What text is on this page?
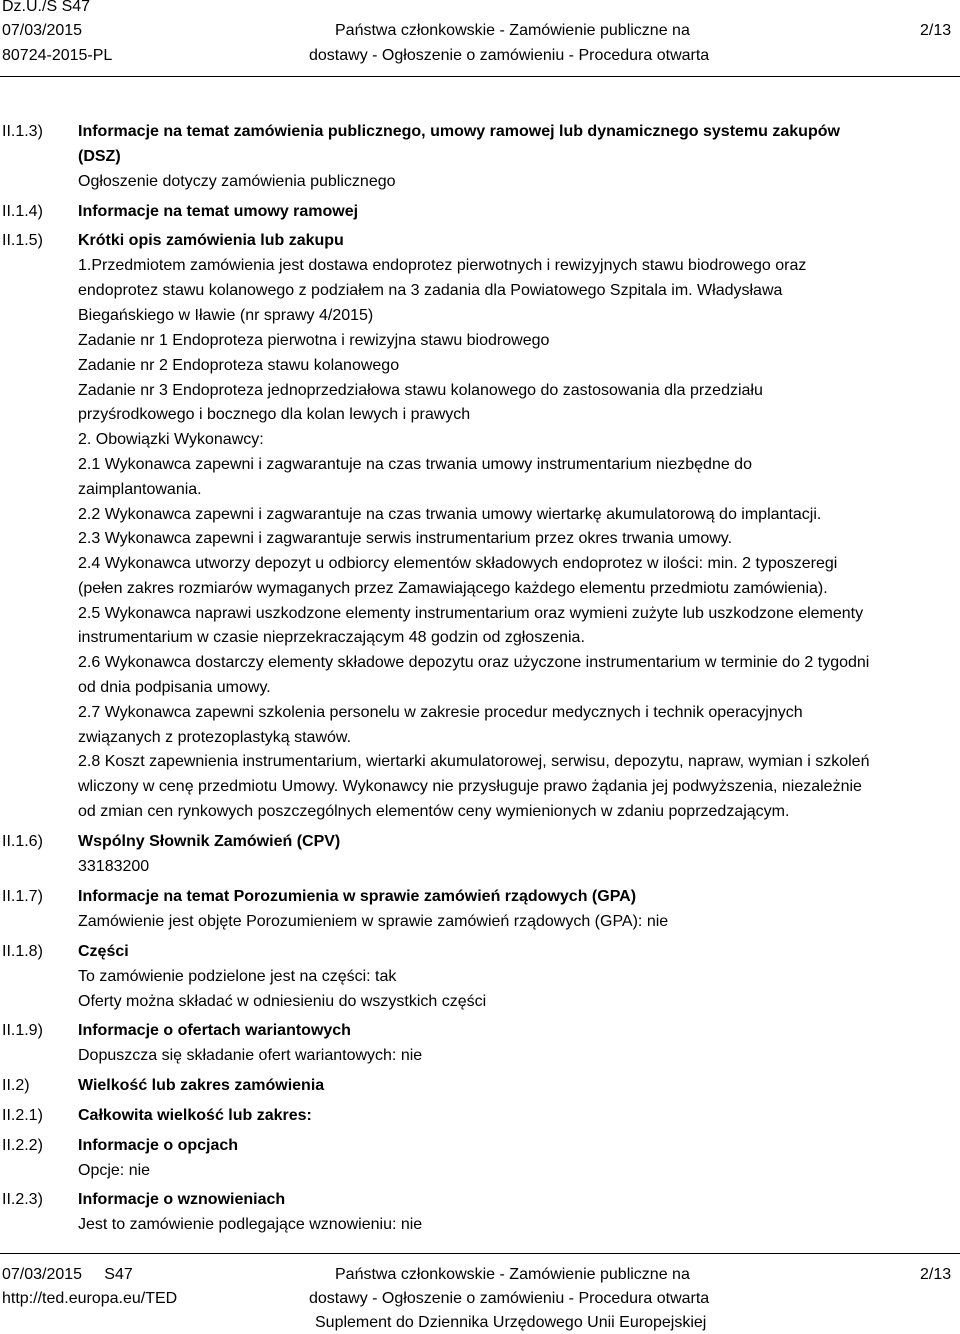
Dz.U./S S47
07/03/2015
80724-2015-PL
Państwa członkowskie - Zamówienie publiczne na
dostawy - Ogłoszenie o zamówieniu - Procedura otwarta
2/13
II.1.3) Informacje na temat zamówienia publicznego, umowy ramowej lub dynamicznego systemu zakupów
(DSZ)
Ogłoszenie dotyczy zamówienia publicznego
II.1.4) Informacje na temat umowy ramowej
II.1.5) Krótki opis zamówienia lub zakupu
1.Przedmiotem zamówienia jest dostawa endoprotez pierwotnych i rewizyjnych stawu biodrowego oraz
endoprotez stawu kolanowego z podziałem na 3 zadania dla Powiatowego Szpitala im. Władysława
Biegańskiego w Iławie (nr sprawy 4/2015)
Zadanie nr 1 Endoproteza pierwotna i rewizyjna stawu biodrowego
Zadanie nr 2 Endoproteza stawu kolanowego
Zadanie nr 3 Endoproteza jednoprzedziałowa stawu kolanowego do zastosowania dla przedziału
przyśrodkowego i bocznego dla kolan lewych i prawych
2. Obowiązki Wykonawcy:
2.1 Wykonawca zapewni i zagwarantuje na czas trwania umowy instrumentarium niezbędne do
zaimplantowania.
2.2 Wykonawca zapewni i zagwarantuje na czas trwania umowy wiertarkę akumulatorową do implantacji.
2.3 Wykonawca zapewni i zagwarantuje serwis instrumentarium przez okres trwania umowy.
2.4 Wykonawca utworzy depozyt u odbiorcy elementów składowych endoprotez w ilości: min. 2 typoszeregi
(pełen zakres rozmiarów wymaganych przez Zamawiającego każdego elementu przedmiotu zamówienia).
2.5 Wykonawca naprawi uszkodzone elementy instrumentarium oraz wymieni zużyte lub uszkodzone elementy
instrumentarium w czasie nieprzekraczającym 48 godzin od zgłoszenia.
2.6 Wykonawca dostarczy elementy składowe depozytu oraz użyczone instrumentarium w terminie do 2 tygodni
od dnia podpisania umowy.
2.7 Wykonawca zapewni szkolenia personelu w zakresie procedur medycznych i technik operacyjnych
związanych z protezoplastyką stawów.
2.8 Koszt zapewnienia instrumentarium, wiertarki akumulatorowej, serwisu, depozytu, napraw, wymian i szkoleń
wliczony w cenę przedmiotu Umowy. Wykonawcy nie przysługuje prawo żądania jej podwyższenia, niezależnie
od zmian cen rynkowych poszczególnych elementów ceny wymienionych w zdaniu poprzedzającym.
II.1.6) Wspólny Słownik Zamówień (CPV)
33183200
II.1.7) Informacje na temat Porozumienia w sprawie zamówień rządowych (GPA)
Zamówienie jest objęte Porozumieniem w sprawie zamówień rządowych (GPA): nie
II.1.8) Części
To zamówienie podzielone jest na części: tak
Oferty można składać w odniesieniu do wszystkich części
II.1.9) Informacje o ofertach wariantowych
Dopuszcza się składanie ofert wariantowych: nie
II.2)	Wielkość lub zakres zamówienia
II.2.1) Całkowita wielkość lub zakres:
II.2.2) Informacje o opcjach
Opcje: nie
II.2.3) Informacje o wznowieniach
Jest to zamówienie podlegające wznowieniu: nie
07/03/2015     S47
http://ted.europa.eu/TED
Państwa członkowskie - Zamówienie publiczne na
dostawy - Ogłoszenie o zamówieniu - Procedura otwarta
Suplement do Dziennika Urzędowego Unii Europejskiej
2/13
